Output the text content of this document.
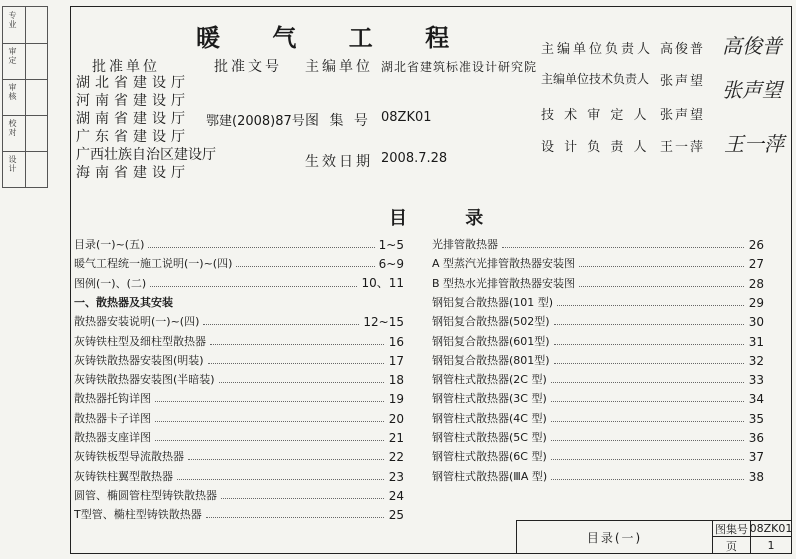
专业
审定
审核
校对
设计
暖 气 工 程
批准单位	批准文号 主编单位 湖北省建筑标准设计研究院
湖北省建设厅
河南省建设厅
湖南省建设厅
广东省建设厅
广西壮族自治区建设厅
海南省建设厅
鄂建(2008)87号 图 集 号 08ZK01
生效日期 2008.7.28
主编单位负责人 高俊普 高俊普
主编单位技术负责人 张声望 张声望
技 术 审 定 人 张声望
设 计 负 责 人 王一萍 王一萍
目 录
目录(一)~(五)	1~5
暖气工程统一施工说明(一)~(四)	6~9
图例(一)、(二)	10、11
一、散热器及其安装
散热器安装说明(一)~(四)	12~15
灰铸铁柱型及细柱型散热器	16
灰铸铁散热器安装图(明装)	17
灰铸铁散热器安装图(半暗装)	18
散热器托钩详图	19
散热器卡子详图	20
散热器支座详图	21
灰铸铁板型导流散热器	22
灰铸铁柱翼型散热器	23
圆管、椭圆管柱型铸铁散热器	24
T型管、椭柱型铸铁散热器	25
光排管散热器	26
A 型蒸汽光排管散热器安装图	27
B 型热水光排管散热器安装图	28
钢铝复合散热器(101 型)	29
钢铝复合散热器(502型)	30
钢铝复合散热器(601型)	31
钢铝复合散热器(801型)	32
钢管柱式散热器(2C 型)	33
钢管柱式散热器(3C 型)	34
钢管柱式散热器(4C 型)	35
钢管柱式散热器(5C 型)	36
钢管柱式散热器(6C 型)	37
钢管柱式散热器(ⅢA 型)	38
目录(一)
图集号 08ZK01
页	1
